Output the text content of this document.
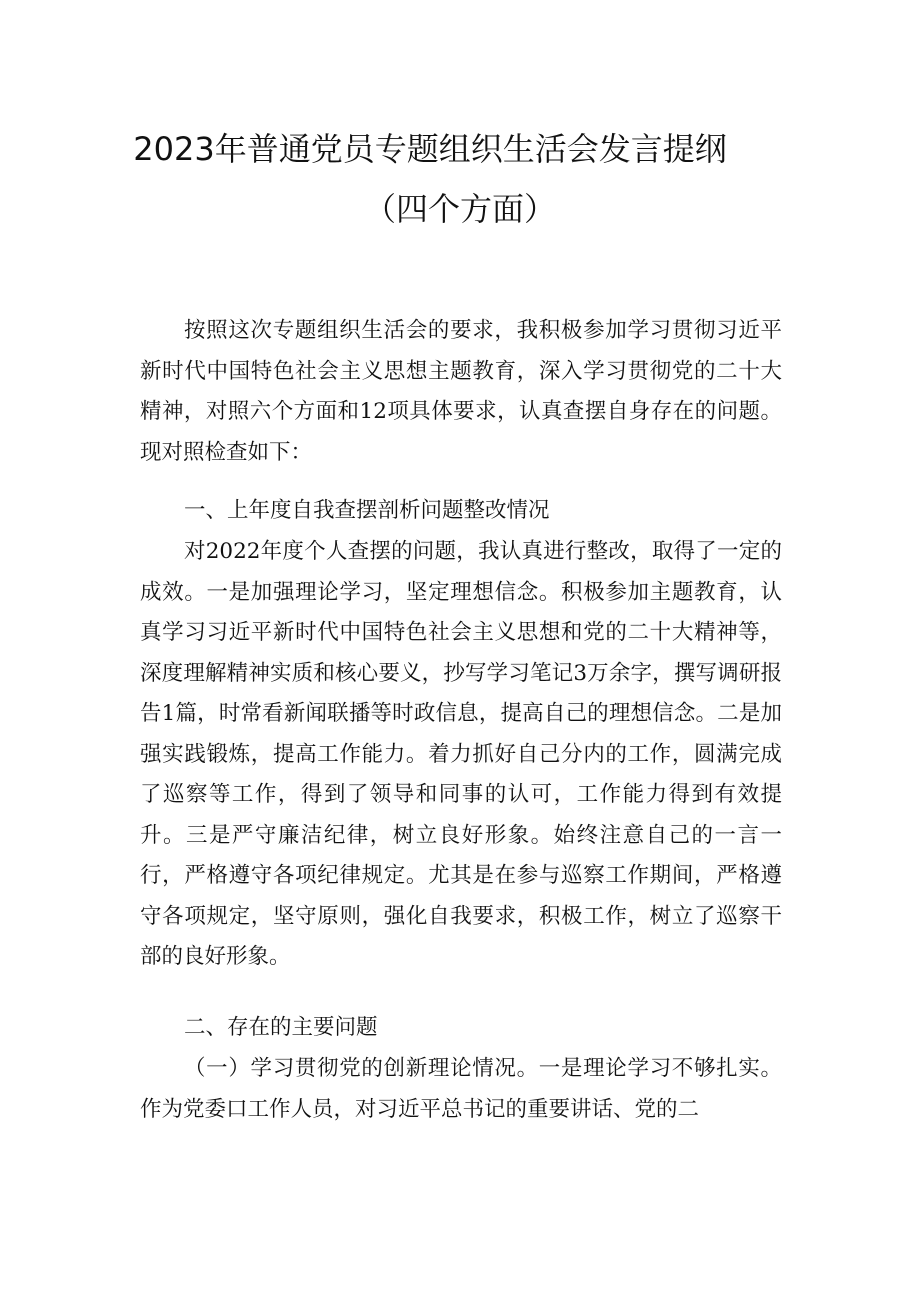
2023年普通党员专题组织生活会发言提纲
（四个方面）

按照这次专题组织生活会的要求，我积极参加学习贯彻习近平新时代中国特色社会主义思想主题教育，深入学习贯彻党的二十大精神，对照六个方面和12项具体要求，认真查摆自身存在的问题。现对照检查如下：

一、上年度自我查摆剖析问题整改情况

对2022年度个人查摆的问题，我认真进行整改，取得了一定的成效。一是加强理论学习，坚定理想信念。积极参加主题教育，认真学习习近平新时代中国特色社会主义思想和党的二十大精神等，深度理解精神实质和核心要义，抄写学习笔记3万余字，撰写调研报告1篇，时常看新闻联播等时政信息，提高自己的理想信念。二是加强实践锻炼，提高工作能力。着力抓好自己分内的工作，圆满完成了巡察等工作，得到了领导和同事的认可，工作能力得到有效提升。三是严守廉洁纪律，树立良好形象。始终注意自己的一言一行，严格遵守各项纪律规定。尤其是在参与巡察工作期间，严格遵守各项规定，坚守原则，强化自我要求，积极工作，树立了巡察干部的良好形象。

二、存在的主要问题

（一）学习贯彻党的创新理论情况。一是理论学习不够扎实。作为党委口工作人员，对习近平总书记的重要讲话、党的二
